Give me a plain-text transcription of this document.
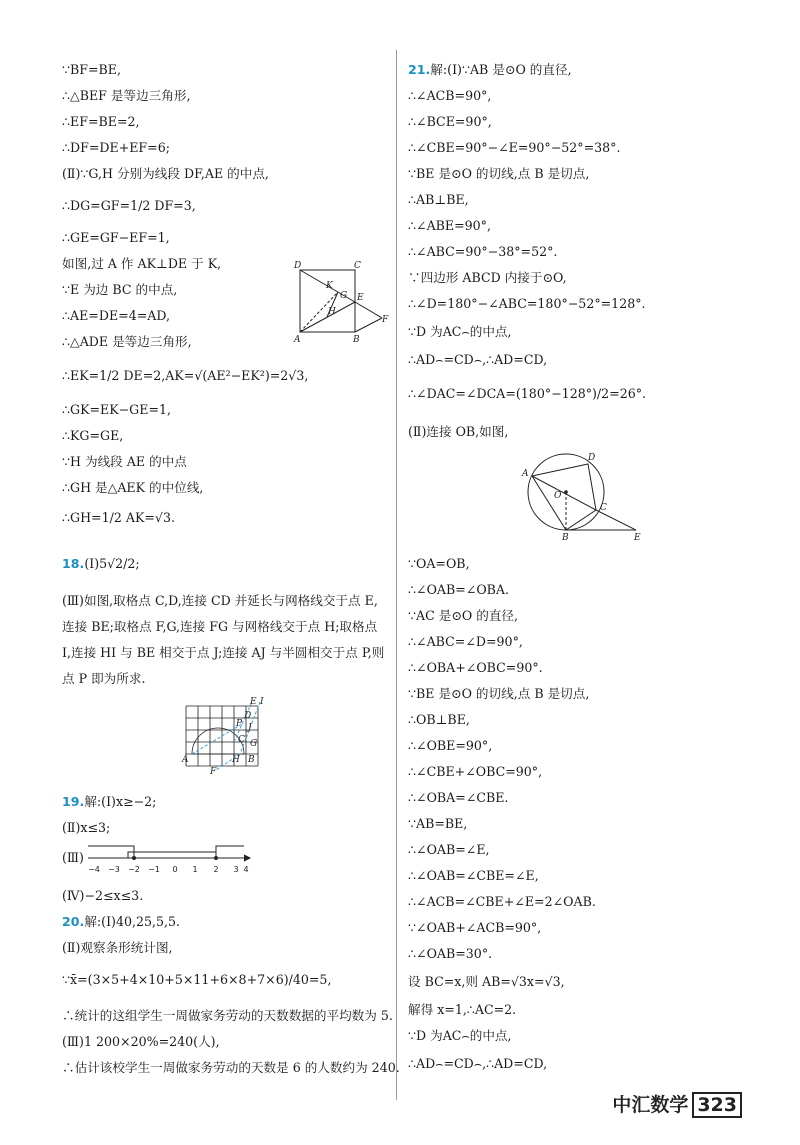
∵BF=BE,
∴△BEF 是等边三角形,
∴EF=BE=2,
∴DF=DE+EF=6;
(Ⅱ)∵G,H 分别为线段 DF,AE 的中点,
∴DG=GF=1/2 DF=3,
∴GE=GF−EF=1,
如图,过 A 作 AK⊥DE 于 K,
∵E 为边 BC 的中点,
∴AE=DE=4=AD,
∴△ADE 是等边三角形,
∴EK=1/2 DE=2,AK=√(AE²−EK²)=2√3,
∴GK=EK−GE=1,
∴KG=GE,
∵H 为线段 AE 的中点
∴GH 是△AEK 的中位线,
∴GH=1/2 AK=√3.
18.(Ⅰ)5√2/2;
(Ⅲ)如图,取格点 C,D,连接 CD 并延长与网格线交于点 E,连接 BE;取格点 F,G,连接 FG 与网格线交于点 H;取格点 I,连接 HI 与 BE 相交于点 J;连接 AJ 与半圆相交于点 P,则点 P 即为所求.
D	C
K
G E
H
F
A	B
E I
D
P J
C G
A	H B
F
19.解:(Ⅰ)x≥−2;
(Ⅱ)x≤3;
(Ⅲ)
−4 −3 −2 −1 0 1 2 3 4
(Ⅳ)−2≤x≤3.
20.解:(Ⅰ)40,25,5,5.
(Ⅱ)观察条形统计图,
∵x̄=(3×5+4×10+5×11+6×8+7×6)/40=5,
∴统计的这组学生一周做家务劳动的天数数据的平均数为 5.
(Ⅲ)1 200×20%=240(人),
∴估计该校学生一周做家务劳动的天数是 6 的人数约为 240.
21.解:(Ⅰ)∵AB 是⊙O 的直径,
∴∠ACB=90°,
∴∠BCE=90°,
∴∠CBE=90°−∠E=90°−52°=38°.
∵BE 是⊙O 的切线,点 B 是切点,
∴AB⊥BE,
∴∠ABE=90°,
∴∠ABC=90°−38°=52°.
∵四边形 ABCD 内接于⊙O,
∴∠D=180°−∠ABC=180°−52°=128°.
∵D 为AC⌢的中点,
∴AD⌢=CD⌢,∴AD=CD,
∴∠DAC=∠DCA=(180°−128°)/2=26°.
(Ⅱ)连接 OB,如图,
A
D
O
C
B	E
∵OA=OB,
∴∠OAB=∠OBA.
∵AC 是⊙O 的直径,
∴∠ABC=∠D=90°,
∴∠OBA+∠OBC=90°.
∵BE 是⊙O 的切线,点 B 是切点,
∴OB⊥BE,
∴∠OBE=90°,
∴∠CBE+∠OBC=90°,
∴∠OBA=∠CBE.
∵AB=BE,
∴∠OAB=∠E,
∴∠OAB=∠CBE=∠E,
∴∠ACB=∠CBE+∠E=2∠OAB.
∵∠OAB+∠ACB=90°,
∴∠OAB=30°.
设 BC=x,则 AB=√3x=√3,
解得 x=1,∴AC=2.
∵D 为AC⌢的中点,
∴AD⌢=CD⌢,∴AD=CD,
中汇数学 323
